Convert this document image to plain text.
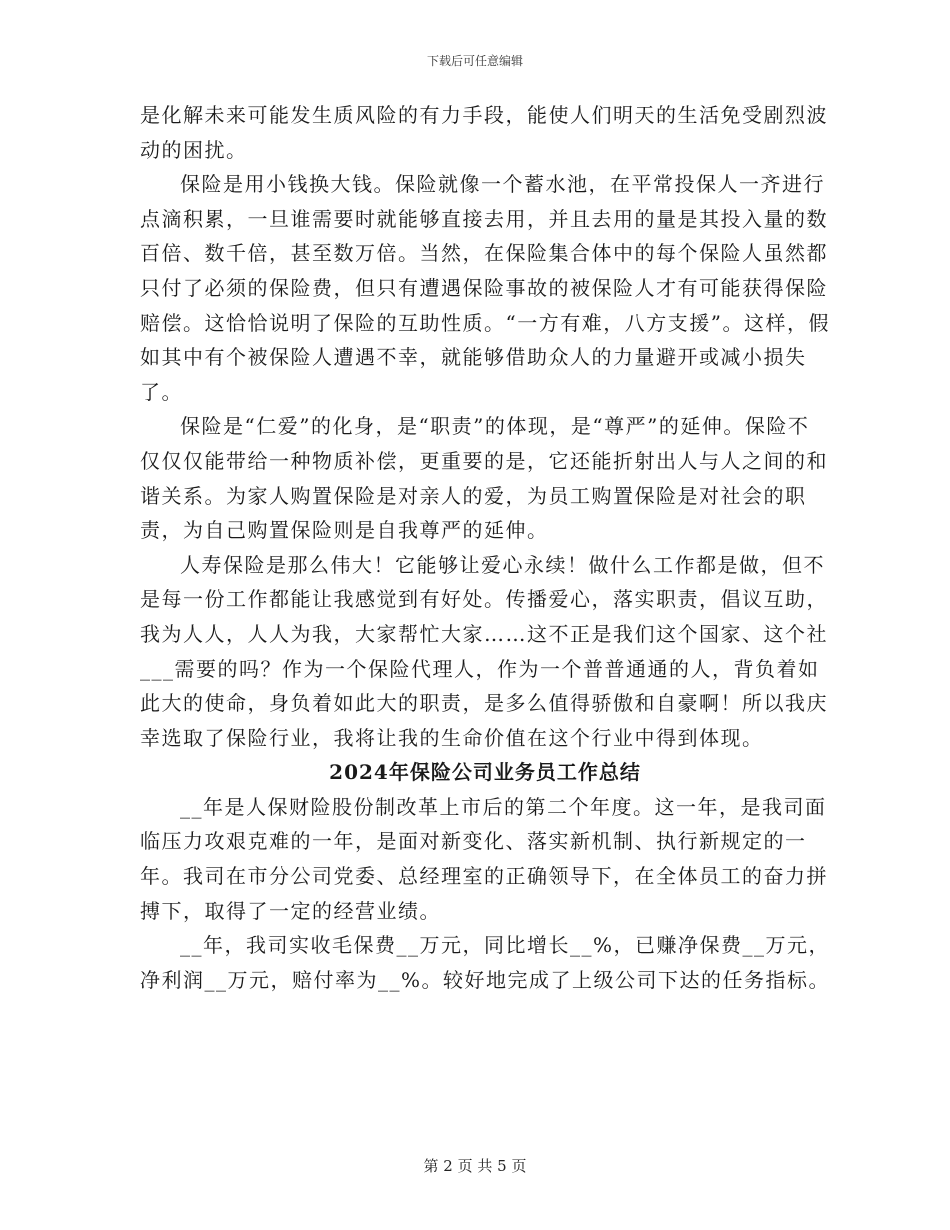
下载后可任意编辑

是化解未来可能发生质风险的有力手段，能使人们明天的生活免受剧烈波动的困扰。

保险是用小钱换大钱。保险就像一个蓄水池，在平常投保人一齐进行点滴积累，一旦谁需要时就能够直接去用，并且去用的量是其投入量的数百倍、数千倍，甚至数万倍。当然，在保险集合体中的每个保险人虽然都只付了必须的保险费，但只有遭遇保险事故的被保险人才有可能获得保险赔偿。这恰恰说明了保险的互助性质。“一方有难，八方支援”。这样，假如其中有个被保险人遭遇不幸，就能够借助众人的力量避开或减小损失了。

保险是“仁爱”的化身，是“职责”的体现，是“尊严”的延伸。保险不仅仅仅能带给一种物质补偿，更重要的是，它还能折射出人与人之间的和谐关系。为家人购置保险是对亲人的爱，为员工购置保险是对社会的职责，为自己购置保险则是自我尊严的延伸。

人寿保险是那么伟大！它能够让爱心永续！做什么工作都是做，但不是每一份工作都能让我感觉到有好处。传播爱心，落实职责，倡议互助，我为人人，人人为我，大家帮忙大家……这不正是我们这个国家、这个社___需要的吗？作为一个保险代理人，作为一个普普通通的人，背负着如此大的使命，身负着如此大的职责，是多么值得骄傲和自豪啊！所以我庆幸选取了保险行业，我将让我的生命价值在这个行业中得到体现。

2024年保险公司业务员工作总结

__年是人保财险股份制改革上市后的第二个年度。这一年，是我司面临压力攻艰克难的一年，是面对新变化、落实新机制、执行新规定的一年。我司在市分公司党委、总经理室的正确领导下，在全体员工的奋力拼搏下，取得了一定的经营业绩。

__年，我司实收毛保费__万元，同比增长__%，已赚净保费__万元，净利润__万元，赔付率为__%。较好地完成了上级公司下达的任务指标。

第 2 页 共 5 页
